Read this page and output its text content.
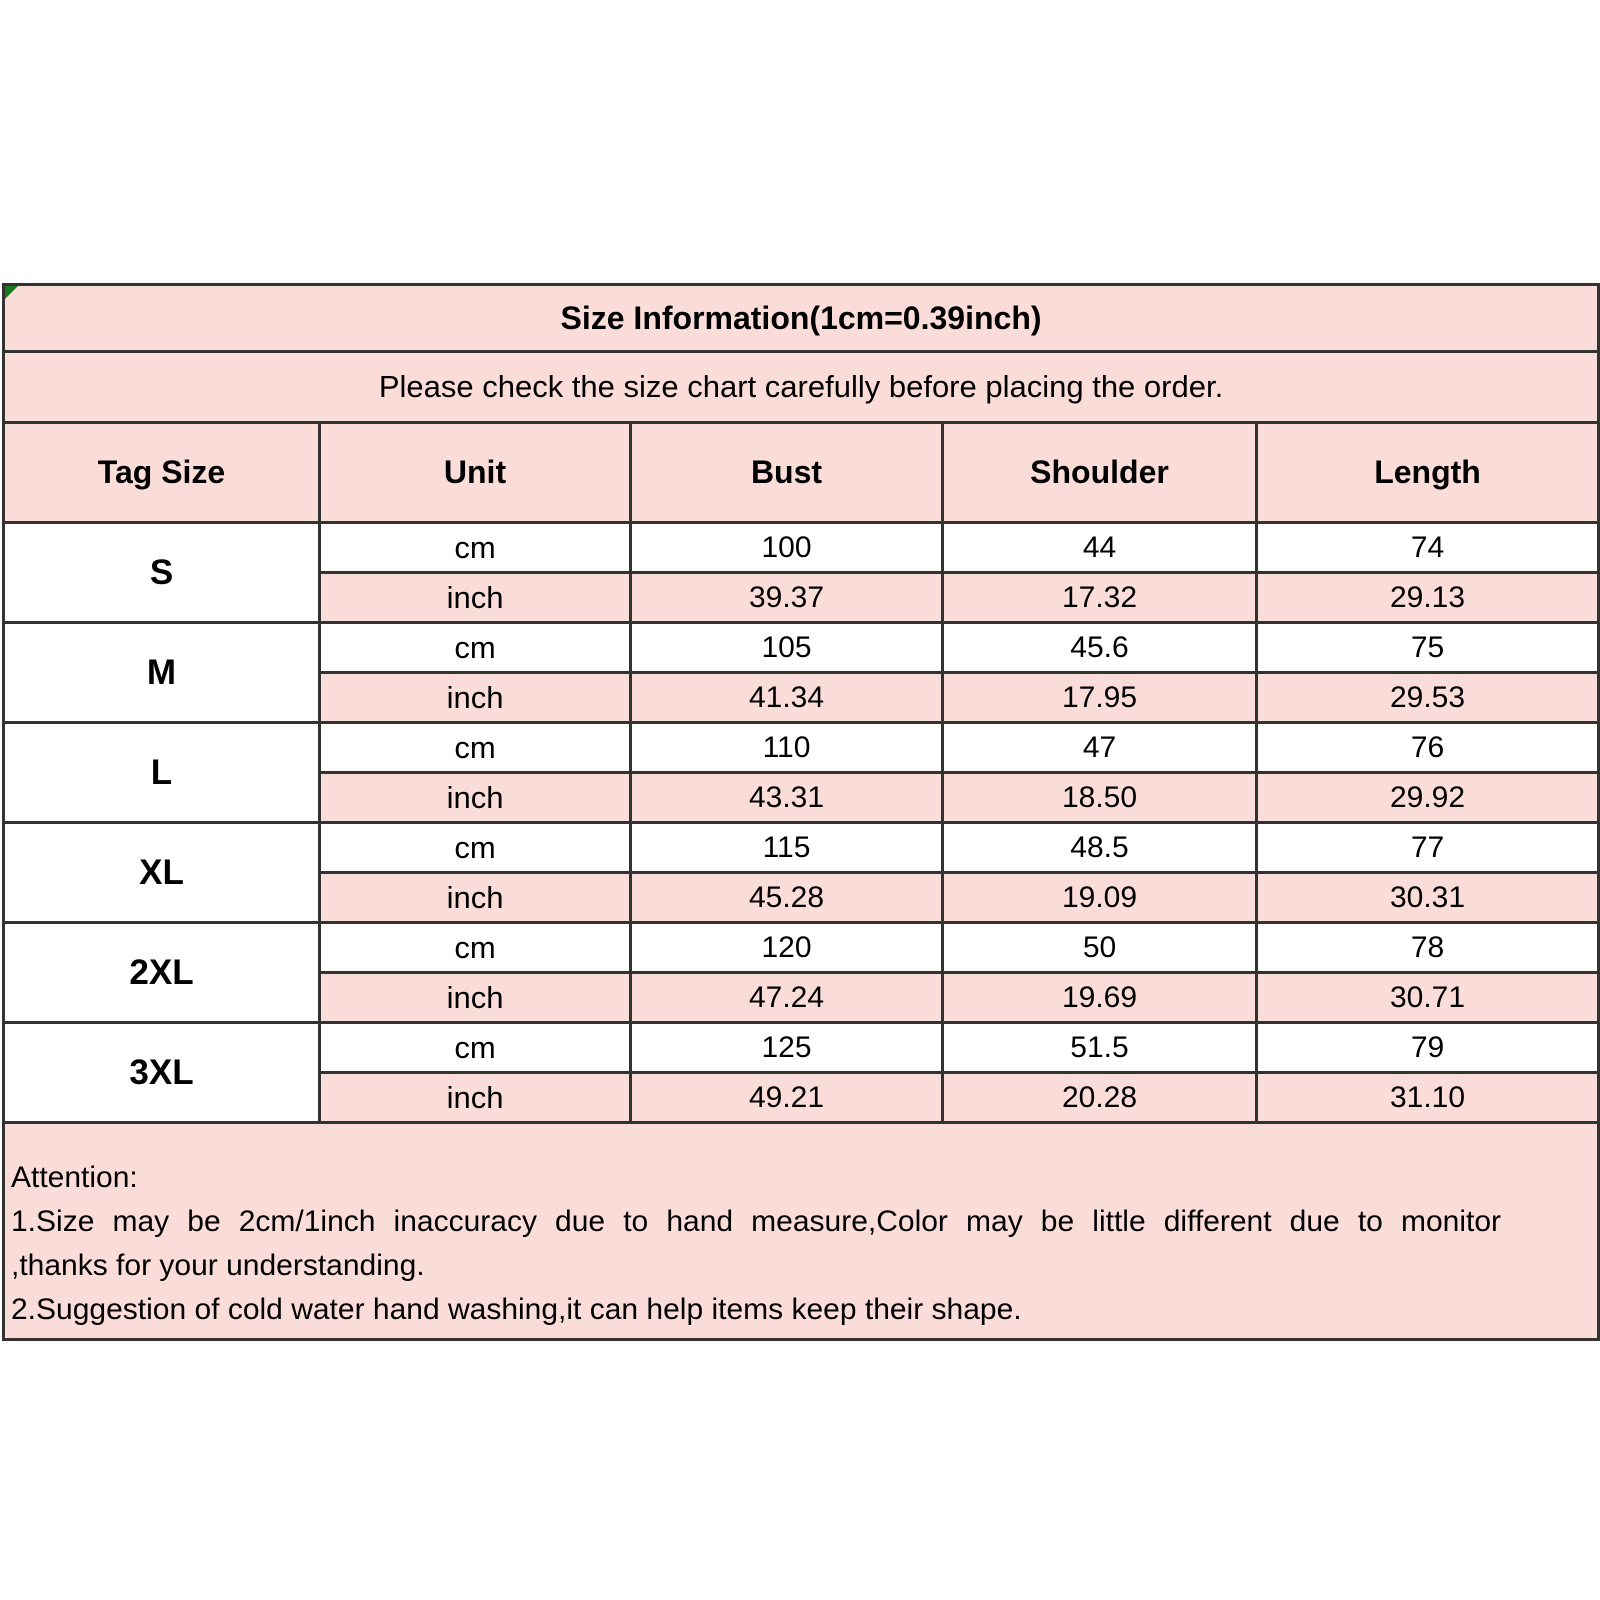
Size Information(1cm=0.39inch)				
Please check the size chart carefully before placing the order.				
Tag Size	Unit	Bust	Shoulder	Length
S	cm	100	44	74
	inch	39.37	17.32	29.13
M	cm	105	45.6	75
	inch	41.34	17.95	29.53
L	cm	110	47	76
	inch	43.31	18.50	29.92
XL	cm	115	48.5	77
	inch	45.28	19.09	30.31
2XL	cm	120	50	78
	inch	47.24	19.69	30.71
3XL	cm	125	51.5	79
	inch	49.21	20.28	31.10

Attention:
1.Size may be 2cm/1inch inaccuracy due to hand measure,Color may be little different due to monitor
,thanks for your understanding.
2.Suggestion of cold water hand washing,it can help items keep their shape.				
